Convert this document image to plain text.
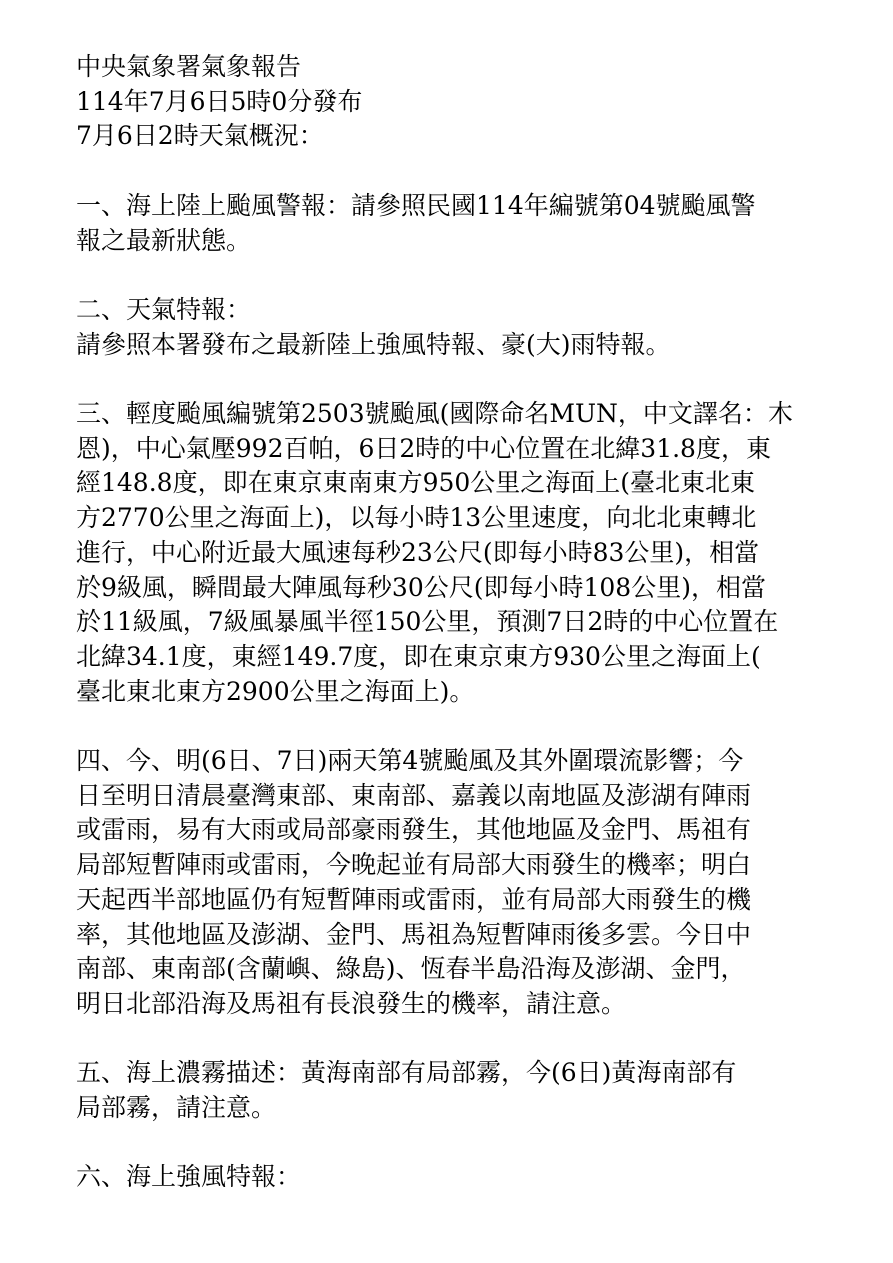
中央氣象署氣象報告
114年7月6日5時0分發布
7月6日2時天氣概況：
一、海上陸上颱風警報：請參照民國114年編號第04號颱風警
報之最新狀態。
二、天氣特報：
請參照本署發布之最新陸上強風特報、豪(大)雨特報。
三、輕度颱風編號第2503號颱風(國際命名MUN，中文譯名：木
恩)，中心氣壓992百帕，6日2時的中心位置在北緯31.8度，東
經148.8度，即在東京東南東方950公里之海面上(臺北東北東
方2770公里之海面上)，以每小時13公里速度，向北北東轉北
進行，中心附近最大風速每秒23公尺(即每小時83公里)，相當
於9級風，瞬間最大陣風每秒30公尺(即每小時108公里)，相當
於11級風，7級風暴風半徑150公里，預測7日2時的中心位置在
北緯34.1度，東經149.7度，即在東京東方930公里之海面上(
臺北東北東方2900公里之海面上)。
四、今、明(6日、7日)兩天第4號颱風及其外圍環流影響；今
日至明日清晨臺灣東部、東南部、嘉義以南地區及澎湖有陣雨
或雷雨，易有大雨或局部豪雨發生，其他地區及金門、馬祖有
局部短暫陣雨或雷雨，今晚起並有局部大雨發生的機率；明白
天起西半部地區仍有短暫陣雨或雷雨，並有局部大雨發生的機
率，其他地區及澎湖、金門、馬祖為短暫陣雨後多雲。今日中
南部、東南部(含蘭嶼、綠島)、恆春半島沿海及澎湖、金門，
明日北部沿海及馬祖有長浪發生的機率，請注意。
五、海上濃霧描述：黃海南部有局部霧，今(6日)黃海南部有
局部霧，請注意。
六、海上強風特報：
